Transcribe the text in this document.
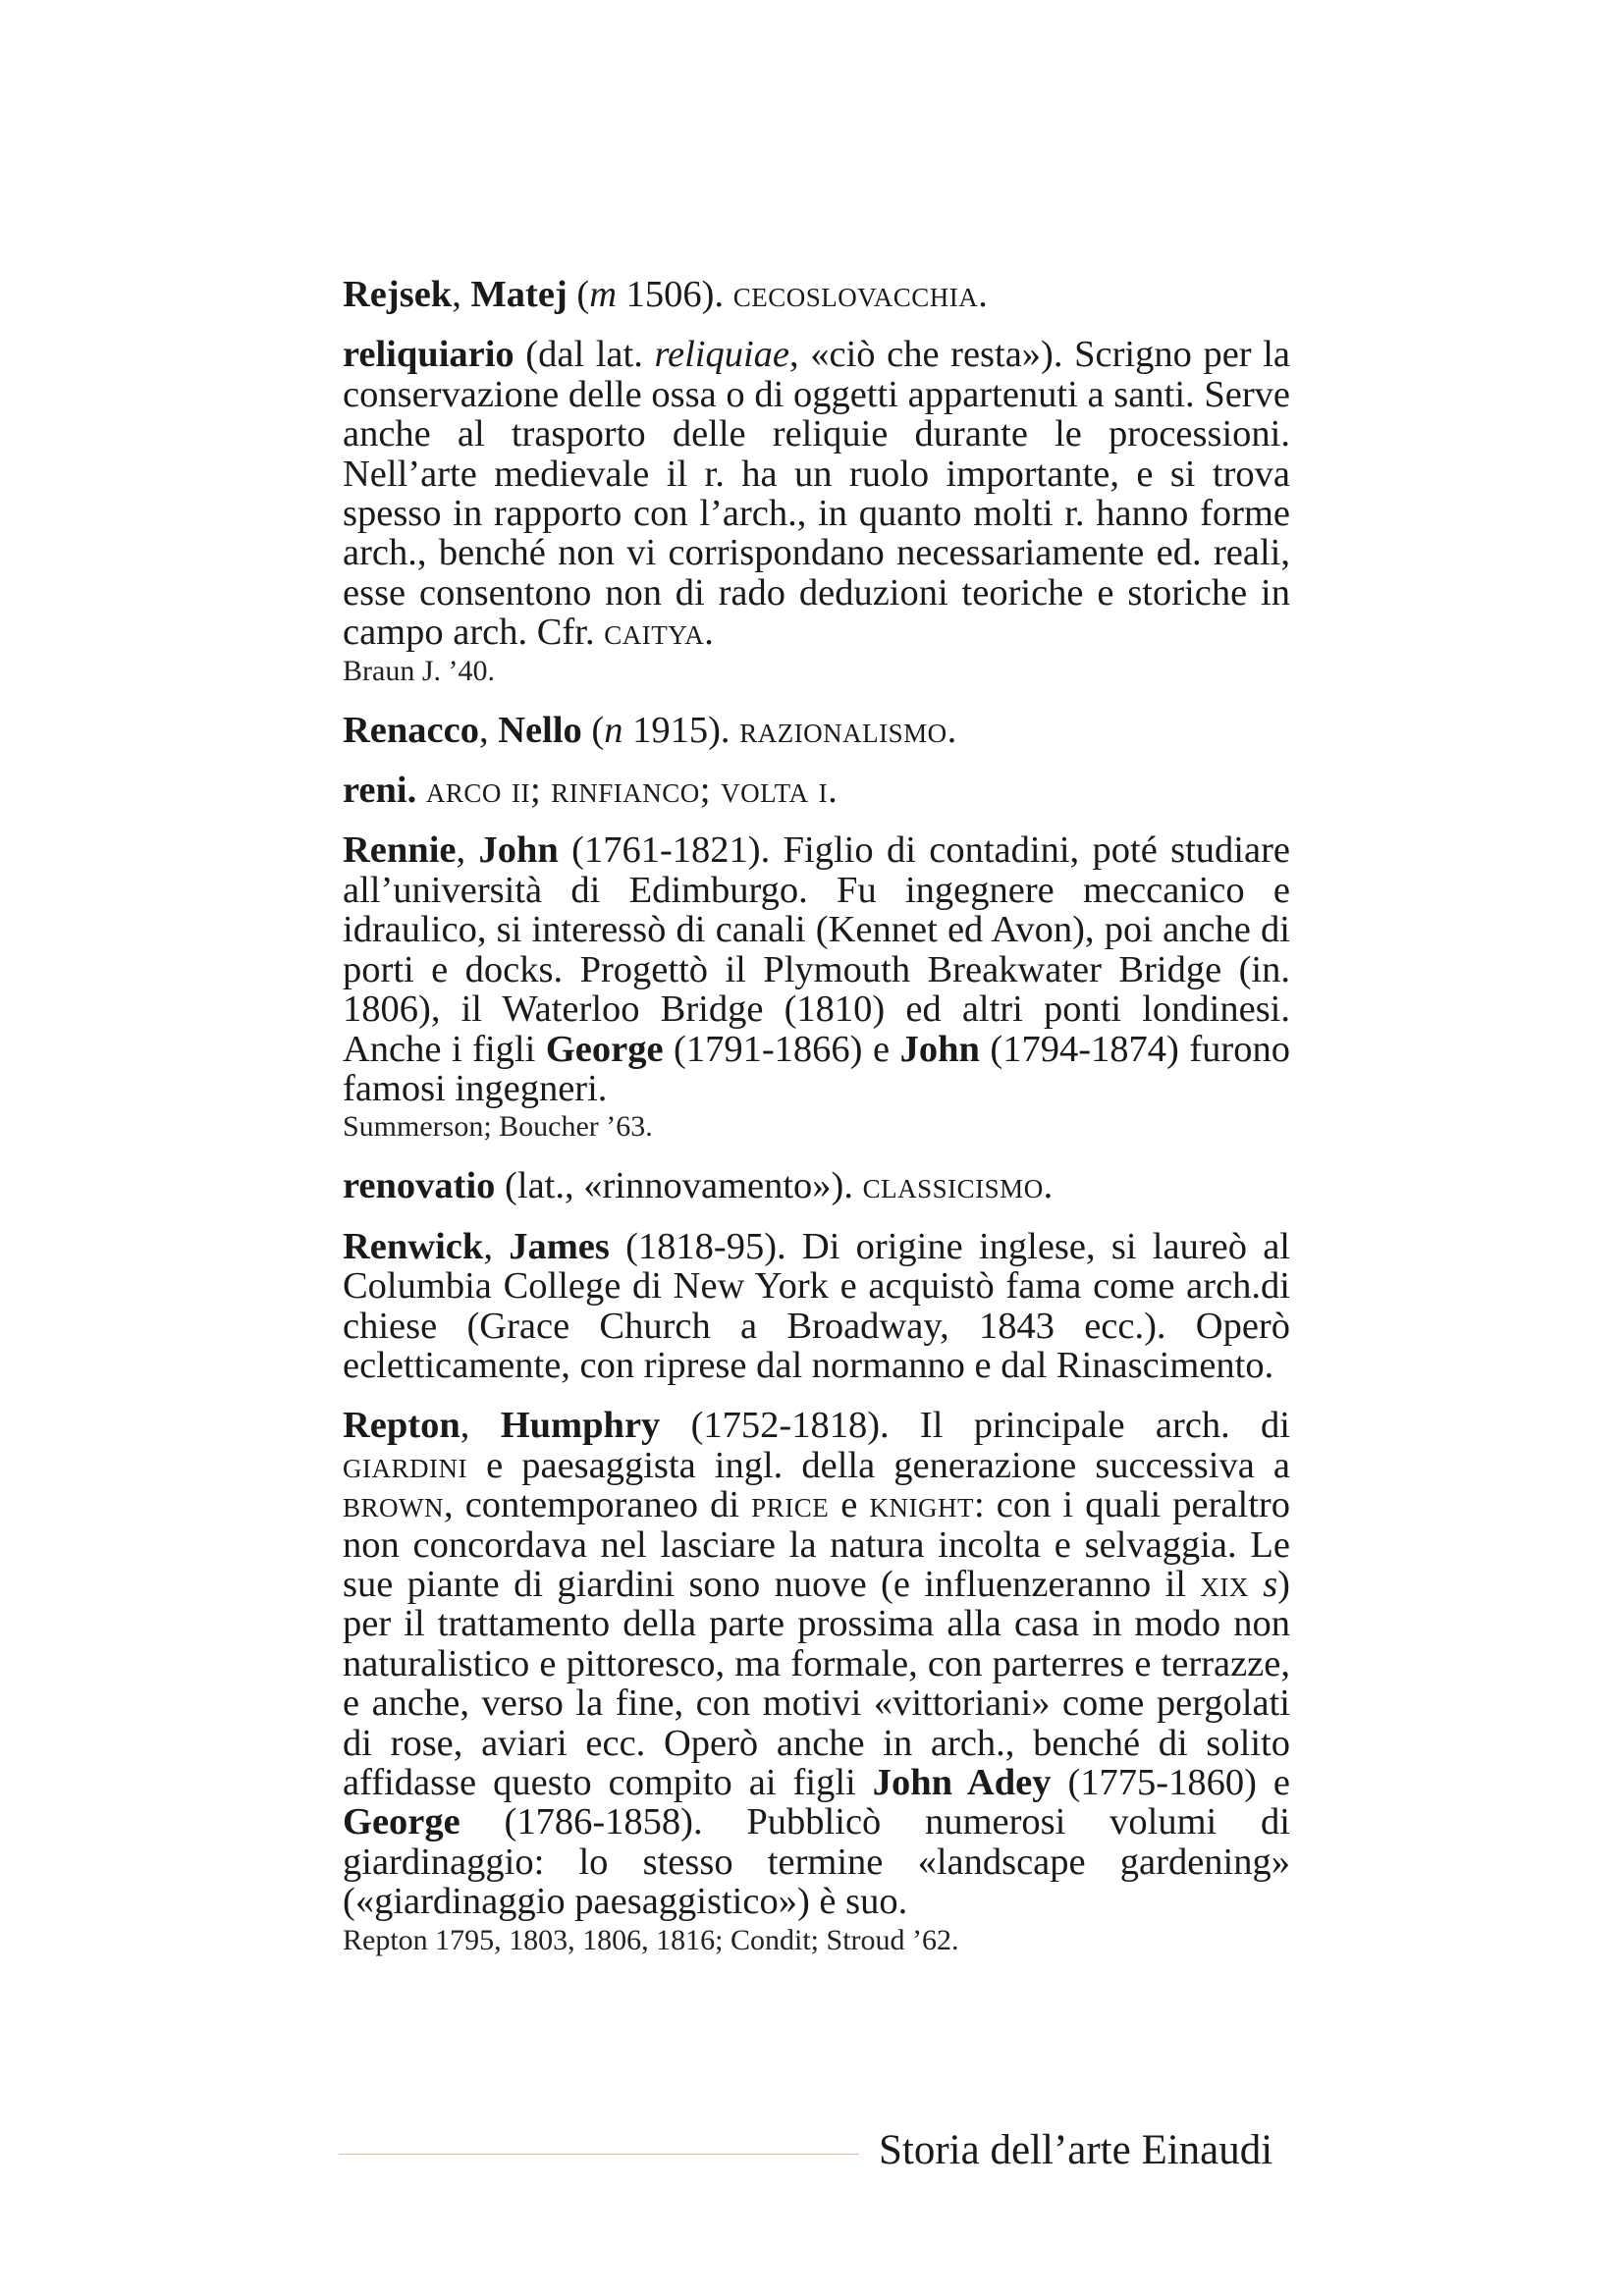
Rejsek, Matej (m 1506). cecoslovacchia.

reliquiario (dal lat. reliquiae, «ciò che resta»). Scrigno per la conservazione delle ossa o di oggetti appartenuti a santi. Serve anche al trasporto delle reliquie durante le processioni. Nell’arte medievale il r. ha un ruolo importante, e si trova spesso in rapporto con l’arch., in quanto molti r. hanno forme arch., benché non vi corrispondano necessariamente ed. reali, esse consentono non di rado deduzioni teoriche e storiche in campo arch. Cfr. caitya.

Braun J. ’40.

Renacco, Nello (n 1915). razionalismo.

reni. arco ii; rinfianco; volta i.

Rennie, John (1761-1821). Figlio di contadini, poté studiare all’università di Edimburgo. Fu ingegnere meccanico e idraulico, si interessò di canali (Kennet ed Avon), poi anche di porti e docks. Progettò il Plymouth Breakwater Bridge (in. 1806), il Waterloo Bridge (1810) ed altri ponti londinesi. Anche i figli George (1791-1866) e John (1794-1874) furono famosi ingegneri.

Summerson; Boucher ’63.

renovatio (lat., «rinnovamento»). classicismo.

Renwick, James (1818-95). Di origine inglese, si laureò al Columbia College di New York e acquistò fama come arch.di chiese (Grace Church a Broadway, 1843 ecc.). Operò ecletticamente, con riprese dal normanno e dal Rinascimento.

Repton, Humphry (1752-1818). Il principale arch. di giardini e paesaggista ingl. della generazione successiva a brown, contemporaneo di price e knight: con i quali peraltro non concordava nel lasciare la natura incolta e selvaggia. Le sue piante di giardini sono nuove (e influenzeranno il xix s) per il trattamento della parte prossima alla casa in modo non naturalistico e pittoresco, ma formale, con parterres e terrazze, e anche, verso la fine, con motivi «vittoriani» come pergolati di rose, aviari ecc. Operò anche in arch., benché di solito affidasse questo compito ai figli John Adey (1775-1860) e George (1786-1858). Pubblicò numerosi volumi di giardinaggio: lo stesso termine «landscape gardening» («giardinaggio paesaggistico») è suo.

Repton 1795, 1803, 1806, 1816; Condit; Stroud ’62.

Storia dell’arte Einaudi
